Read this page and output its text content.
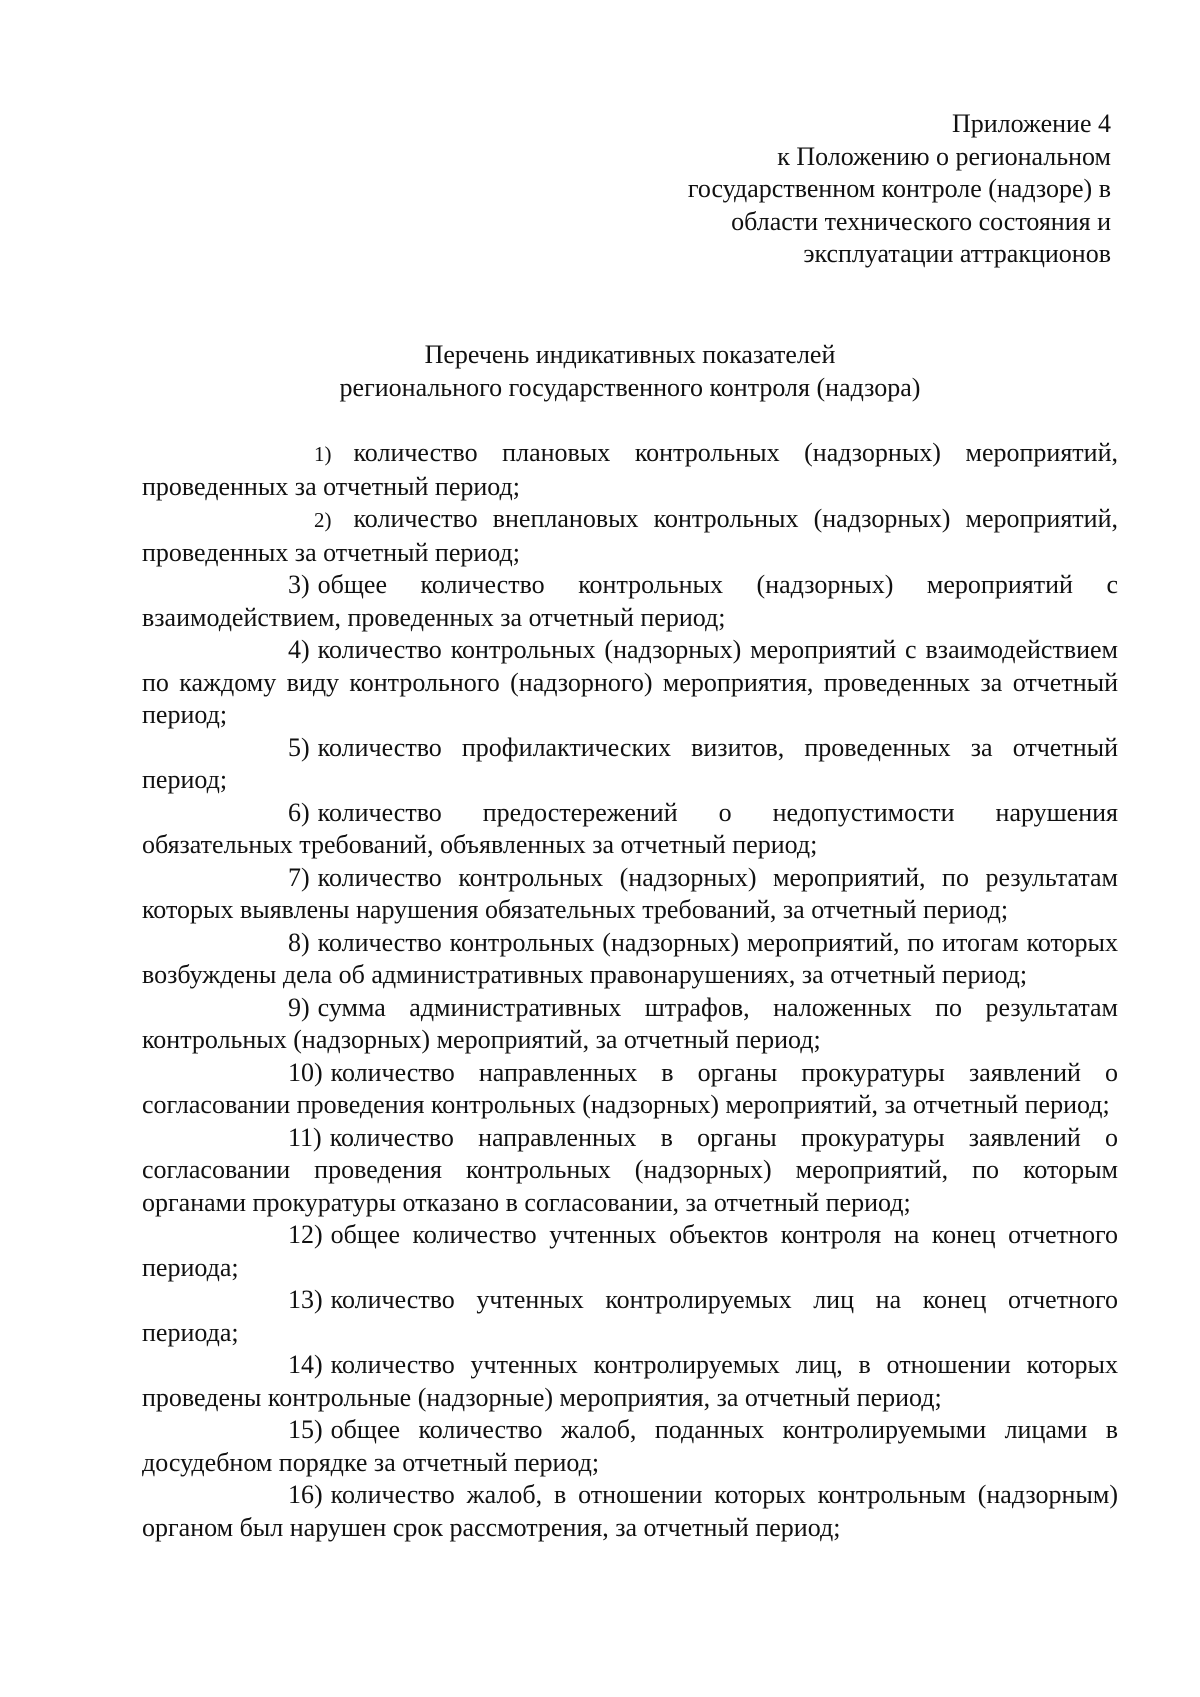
Приложение 4
к Положению о региональном
государственном контроле (надзоре) в
области технического состояния и
эксплуатации аттракционов
Перечень индикативных показателей
регионального государственного контроля (надзора)

1) количество плановых контрольных (надзорных) мероприятий, проведенных за отчетный период;

2) количество внеплановых контрольных (надзорных) мероприятий, проведенных за отчетный период;

3) общее количество контрольных (надзорных) мероприятий с взаимодействием, проведенных за отчетный период;

4) количество контрольных (надзорных) мероприятий с взаимодействием по каждому виду контрольного (надзорного) мероприятия, проведенных за отчетный период;

5) количество профилактических визитов, проведенных за отчетный период;

6) количество предостережений о недопустимости нарушения обязательных требований, объявленных за отчетный период;

7) количество контрольных (надзорных) мероприятий, по результатам которых выявлены нарушения обязательных требований, за отчетный период;

8) количество контрольных (надзорных) мероприятий, по итогам которых возбуждены дела об административных правонарушениях, за отчетный период;

9) сумма административных штрафов, наложенных по результатам контрольных (надзорных) мероприятий, за отчетный период;

10) количество направленных в органы прокуратуры заявлений о согласовании проведения контрольных (надзорных) мероприятий, за отчетный период;

11) количество направленных в органы прокуратуры заявлений о согласовании проведения контрольных (надзорных) мероприятий, по которым органами прокуратуры отказано в согласовании, за отчетный период;

12) общее количество учтенных объектов контроля на конец отчетного периода;

13) количество учтенных контролируемых лиц на конец отчетного периода;

14) количество учтенных контролируемых лиц, в отношении которых проведены контрольные (надзорные) мероприятия, за отчетный период;

15) общее количество жалоб, поданных контролируемыми лицами в досудебном порядке за отчетный период;

16) количество жалоб, в отношении которых контрольным (надзорным) органом был нарушен срок рассмотрения, за отчетный период;
